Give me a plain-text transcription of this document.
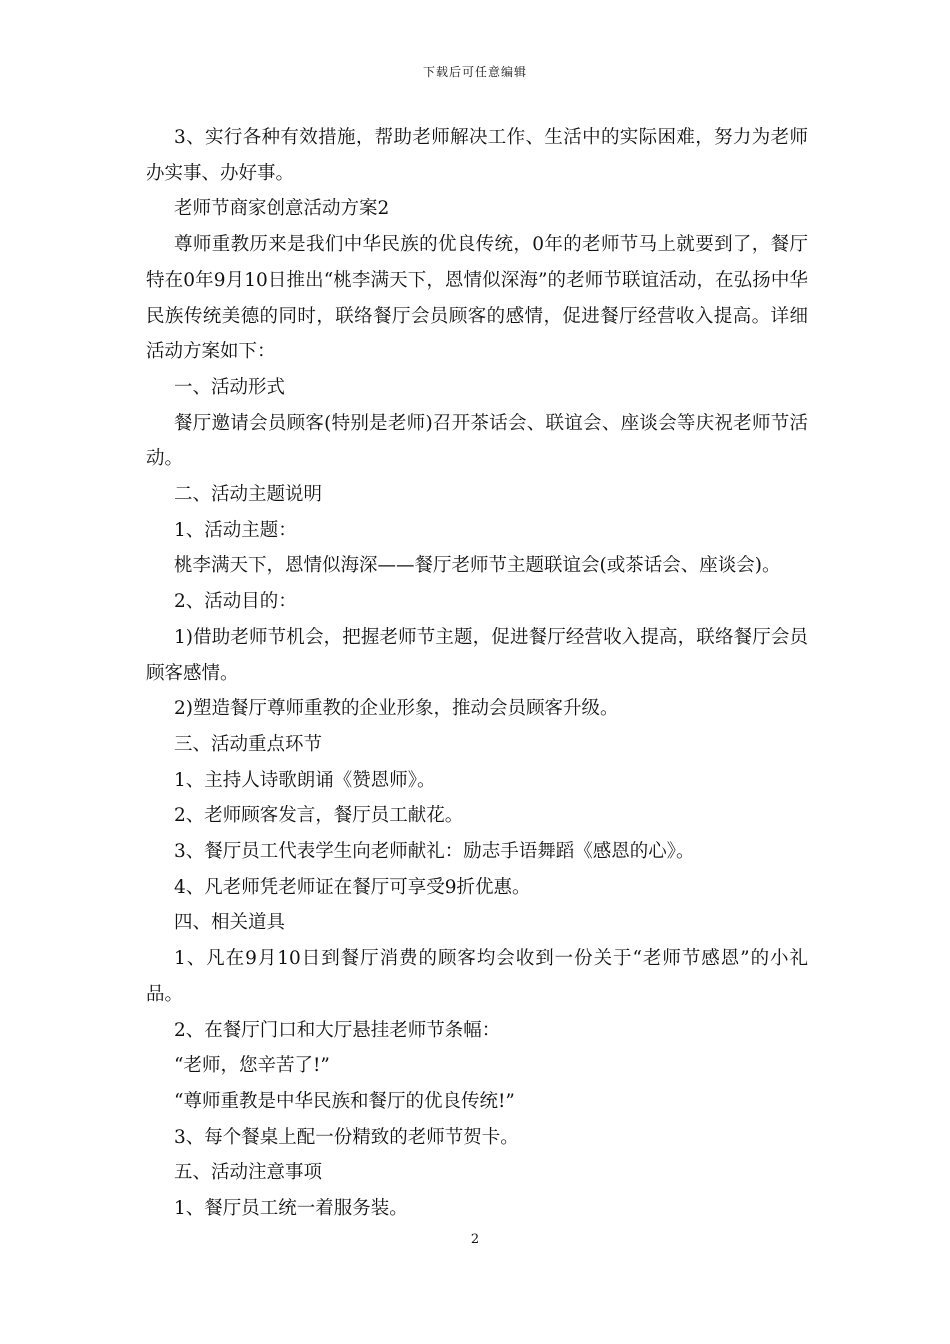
下载后可任意编辑

3、实行各种有效措施，帮助老师解决工作、生活中的实际困难，努力为老师办实事、办好事。

老师节商家创意活动方案2

尊师重教历来是我们中华民族的优良传统，0年的老师节马上就要到了，餐厅特在0年9月10日推出“桃李满天下，恩情似深海”的老师节联谊活动，在弘扬中华民族传统美德的同时，联络餐厅会员顾客的感情，促进餐厅经营收入提高。详细活动方案如下：

一、活动形式

餐厅邀请会员顾客(特别是老师)召开茶话会、联谊会、座谈会等庆祝老师节活动。

二、活动主题说明

1、活动主题：

桃李满天下，恩情似海深——餐厅老师节主题联谊会(或茶话会、座谈会)。

2、活动目的：

1)借助老师节机会，把握老师节主题，促进餐厅经营收入提高，联络餐厅会员顾客感情。

2)塑造餐厅尊师重教的企业形象，推动会员顾客升级。

三、活动重点环节

1、主持人诗歌朗诵《赞恩师》。

2、老师顾客发言，餐厅员工献花。

3、餐厅员工代表学生向老师献礼：励志手语舞蹈《感恩的心》。

4、凡老师凭老师证在餐厅可享受9折优惠。

四、相关道具

1、凡在9月10日到餐厅消费的顾客均会收到一份关于“老师节感恩”的小礼品。

2、在餐厅门口和大厅悬挂老师节条幅：

“老师，您辛苦了!”

“尊师重教是中华民族和餐厅的优良传统!”

3、每个餐桌上配一份精致的老师节贺卡。

五、活动注意事项

1、餐厅员工统一着服务装。

2
